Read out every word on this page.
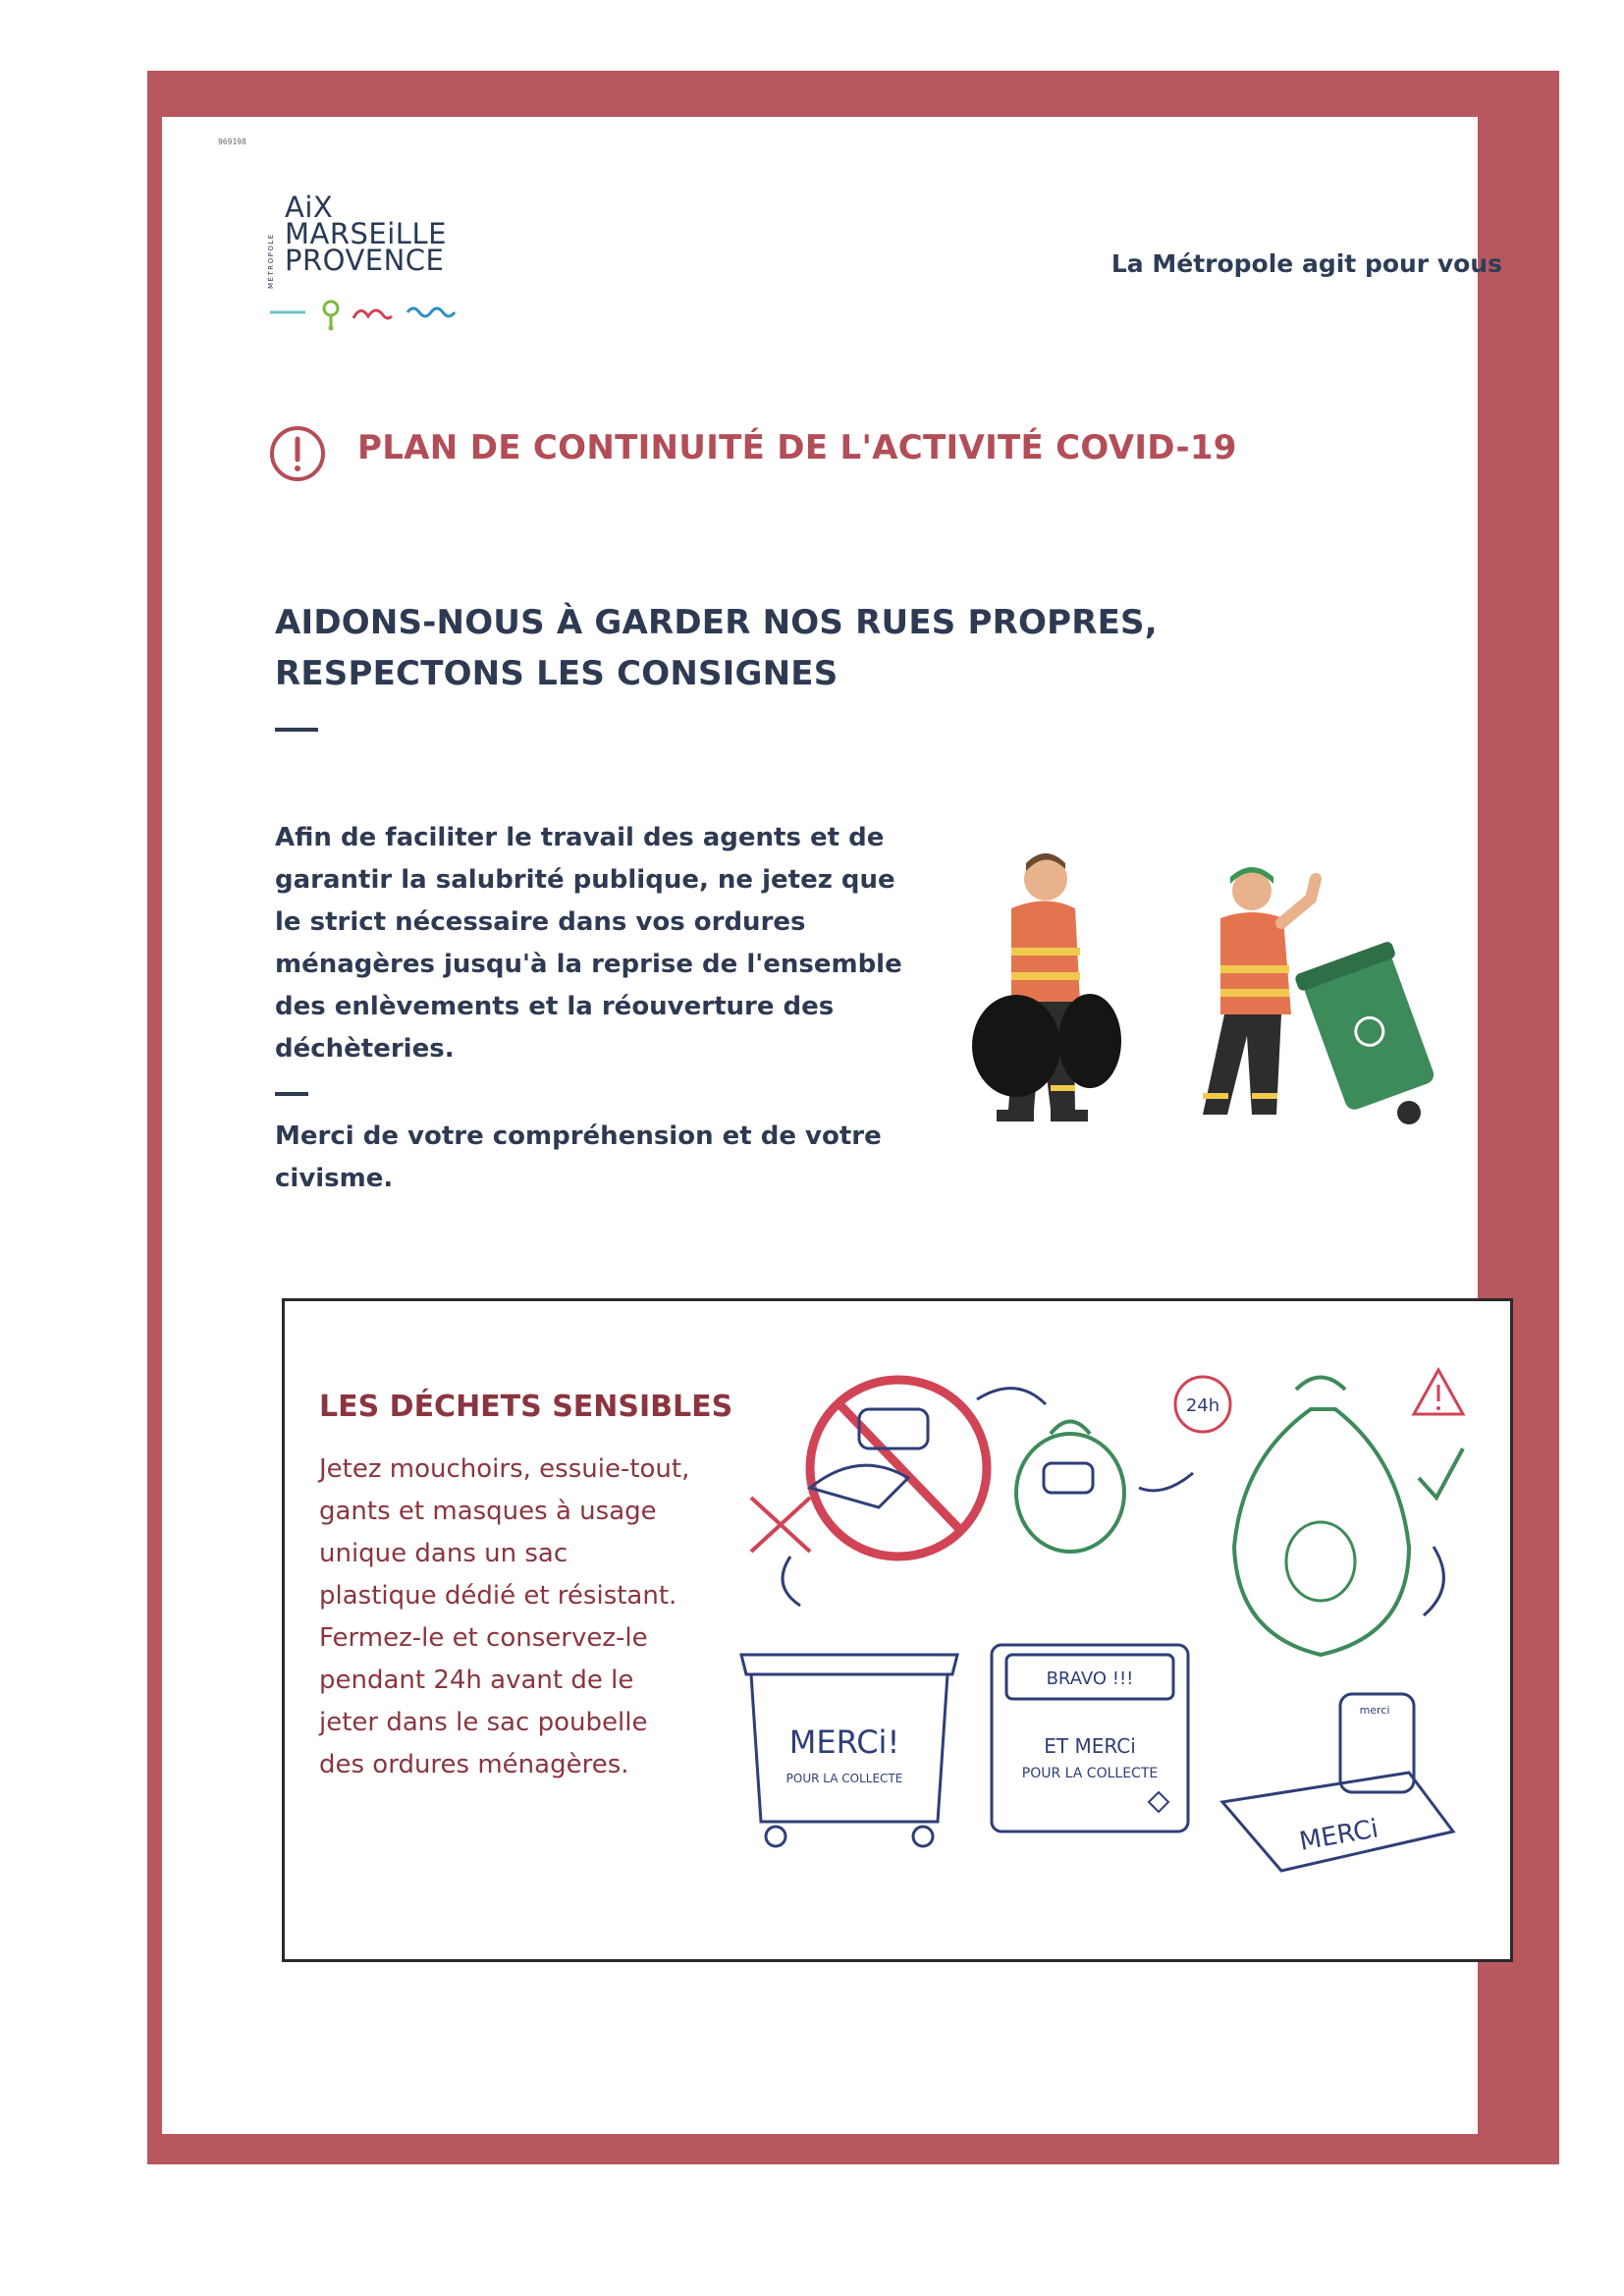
969198
MÉTROPOLE
AiX
MARSEiLLE
PROVENCE	La Métropole agit pour vous
PLAN DE CONTINUITÉ DE L'ACTIVITÉ COVID-19
AIDONS-NOUS À GARDER NOS RUES PROPRES,
RESPECTONS LES CONSIGNES

Afin de faciliter le travail des agents et de garantir la salubrité publique, ne jetez que le strict nécessaire dans vos ordures ménagères jusqu'à la reprise de l'ensemble des enlèvements et la réouverture des déchèteries.

Merci de votre compréhension et de votre civisme.

LES DÉCHETS SENSIBLES
Jetez mouchoirs, essuie-tout, gants et masques à usage unique dans un sac plastique dédié et résistant. Fermez-le et conservez-le pendant 24h avant de le jeter dans le sac poubelle des ordures ménagères.
24h
MERCi!
POUR LA COLLECTE
BRAVO !!!
ET MERCi
POUR LA COLLECTE
merci
MERCi
